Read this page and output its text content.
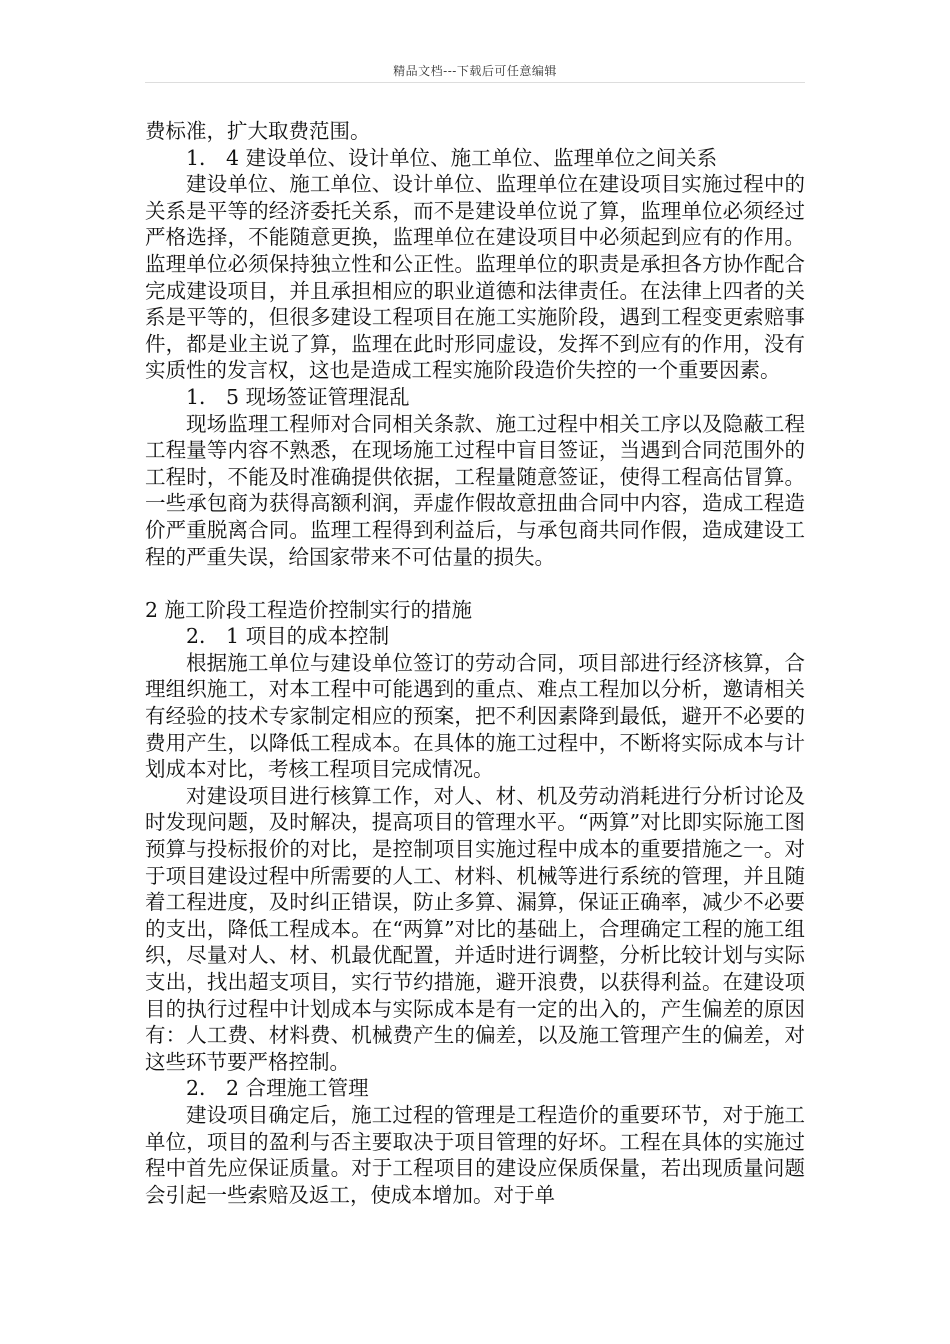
精品文档---下载后可任意编辑

费标准，扩大取费范围。

1． 4 建设单位、设计单位、施工单位、监理单位之间关系

建设单位、施工单位、设计单位、监理单位在建设项目实施过程中的关系是平等的经济委托关系，而不是建设单位说了算，监理单位必须经过严格选择，不能随意更换，监理单位在建设项目中必须起到应有的作用。监理单位必须保持独立性和公正性。监理单位的职责是承担各方协作配合完成建设项目，并且承担相应的职业道德和法律责任。在法律上四者的关系是平等的，但很多建设工程项目在施工实施阶段，遇到工程变更索赔事件，都是业主说了算，监理在此时形同虚设，发挥不到应有的作用，没有实质性的发言权，这也是造成工程实施阶段造价失控的一个重要因素。

1． 5 现场签证管理混乱

现场监理工程师对合同相关条款、施工过程中相关工序以及隐蔽工程工程量等内容不熟悉，在现场施工过程中盲目签证，当遇到合同范围外的工程时，不能及时准确提供依据，工程量随意签证，使得工程高估冒算。一些承包商为获得高额利润，弄虚作假故意扭曲合同中内容，造成工程造价严重脱离合同。监理工程得到利益后，与承包商共同作假，造成建设工程的严重失误，给国家带来不可估量的损失。

2 施工阶段工程造价控制实行的措施

2． 1 项目的成本控制

根据施工单位与建设单位签订的劳动合同，项目部进行经济核算，合理组织施工，对本工程中可能遇到的重点、难点工程加以分析，邀请相关有经验的技术专家制定相应的预案，把不利因素降到最低，避开不必要的费用产生，以降低工程成本。在具体的施工过程中，不断将实际成本与计划成本对比，考核工程项目完成情况。

对建设项目进行核算工作，对人、材、机及劳动消耗进行分析讨论及时发现问题，及时解决，提高项目的管理水平。“两算”对比即实际施工图预算与投标报价的对比，是控制项目实施过程中成本的重要措施之一。对于项目建设过程中所需要的人工、材料、机械等进行系统的管理，并且随着工程进度，及时纠正错误，防止多算、漏算，保证正确率，减少不必要的支出，降低工程成本。在“两算”对比的基础上，合理确定工程的施工组织，尽量对人、材、机最优配置，并适时进行调整，分析比较计划与实际支出，找出超支项目，实行节约措施，避开浪费，以获得利益。在建设项目的执行过程中计划成本与实际成本是有一定的出入的，产生偏差的原因有：人工费、材料费、机械费产生的偏差，以及施工管理产生的偏差，对这些环节要严格控制。

2． 2 合理施工管理

建设项目确定后，施工过程的管理是工程造价的重要环节，对于施工单位，项目的盈利与否主要取决于项目管理的好坏。工程在具体的实施过程中首先应保证质量。对于工程项目的建设应保质保量，若出现质量问题会引起一些索赔及返工，使成本增加。对于单
